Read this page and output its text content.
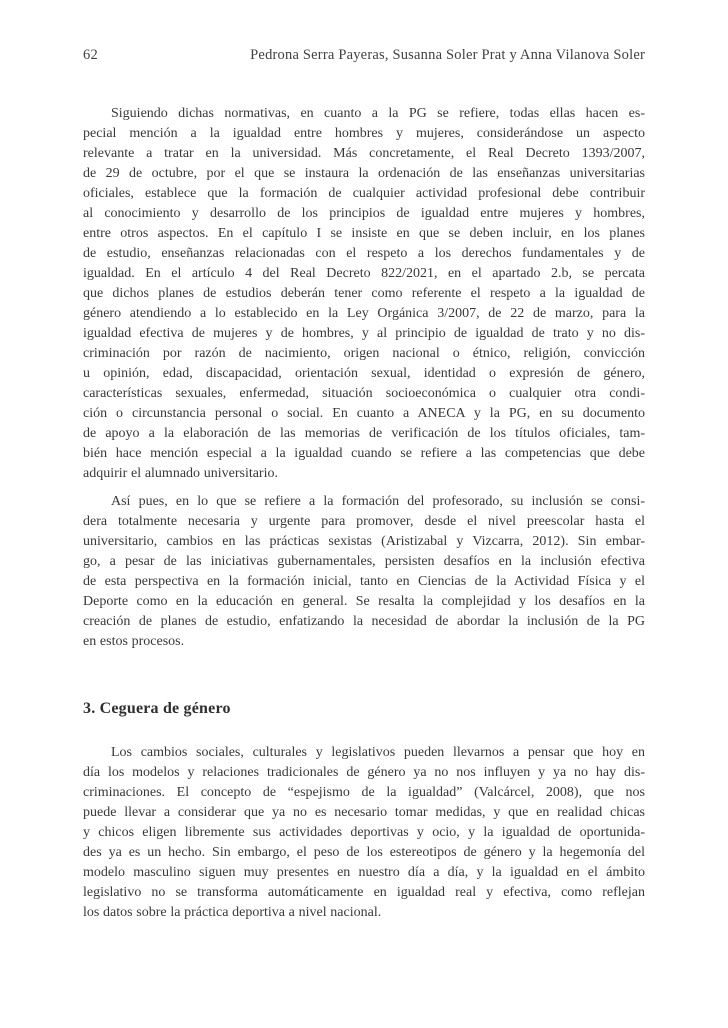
62	Pedrona Serra Payeras, Susanna Soler Prat y Anna Vilanova Soler
Siguiendo dichas normativas, en cuanto a la PG se refiere, todas ellas hacen es-
pecial mención a la igualdad entre hombres y mujeres, considerándose un aspecto
relevante a tratar en la universidad. Más concretamente, el Real Decreto 1393/2007,
de 29 de octubre, por el que se instaura la ordenación de las enseñanzas universitarias
oficiales, establece que la formación de cualquier actividad profesional debe contribuir
al conocimiento y desarrollo de los principios de igualdad entre mujeres y hombres,
entre otros aspectos. En el capítulo I se insiste en que se deben incluir, en los planes
de estudio, enseñanzas relacionadas con el respeto a los derechos fundamentales y de
igualdad. En el artículo 4 del Real Decreto 822/2021, en el apartado 2.b, se percata
que dichos planes de estudios deberán tener como referente el respeto a la igualdad de
género atendiendo a lo establecido en la Ley Orgánica 3/2007, de 22 de marzo, para la
igualdad efectiva de mujeres y de hombres, y al principio de igualdad de trato y no dis-
criminación por razón de nacimiento, origen nacional o étnico, religión, convicción
u opinión, edad, discapacidad, orientación sexual, identidad o expresión de género,
características sexuales, enfermedad, situación socioeconómica o cualquier otra condi-
ción o circunstancia personal o social. En cuanto a ANECA y la PG, en su documento
de apoyo a la elaboración de las memorias de verificación de los títulos oficiales, tam-
bién hace mención especial a la igualdad cuando se refiere a las competencias que debe
adquirir el alumnado universitario.
Así pues, en lo que se refiere a la formación del profesorado, su inclusión se consi-
dera totalmente necesaria y urgente para promover, desde el nivel preescolar hasta el
universitario, cambios en las prácticas sexistas (Aristizabal y Vizcarra, 2012). Sin embar-
go, a pesar de las iniciativas gubernamentales, persisten desafíos en la inclusión efectiva
de esta perspectiva en la formación inicial, tanto en Ciencias de la Actividad Física y el
Deporte como en la educación en general. Se resalta la complejidad y los desafíos en la
creación de planes de estudio, enfatizando la necesidad de abordar la inclusión de la PG
en estos procesos.
3. Ceguera de género
Los cambios sociales, culturales y legislativos pueden llevarnos a pensar que hoy en
día los modelos y relaciones tradicionales de género ya no nos influyen y ya no hay dis-
criminaciones. El concepto de “espejismo de la igualdad” (Valcárcel, 2008), que nos
puede llevar a considerar que ya no es necesario tomar medidas, y que en realidad chicas
y chicos eligen libremente sus actividades deportivas y ocio, y la igualdad de oportunida-
des ya es un hecho. Sin embargo, el peso de los estereotipos de género y la hegemonía del
modelo masculino siguen muy presentes en nuestro día a día, y la igualdad en el ámbito
legislativo no se transforma automáticamente en igualdad real y efectiva, como reflejan
los datos sobre la práctica deportiva a nivel nacional.
